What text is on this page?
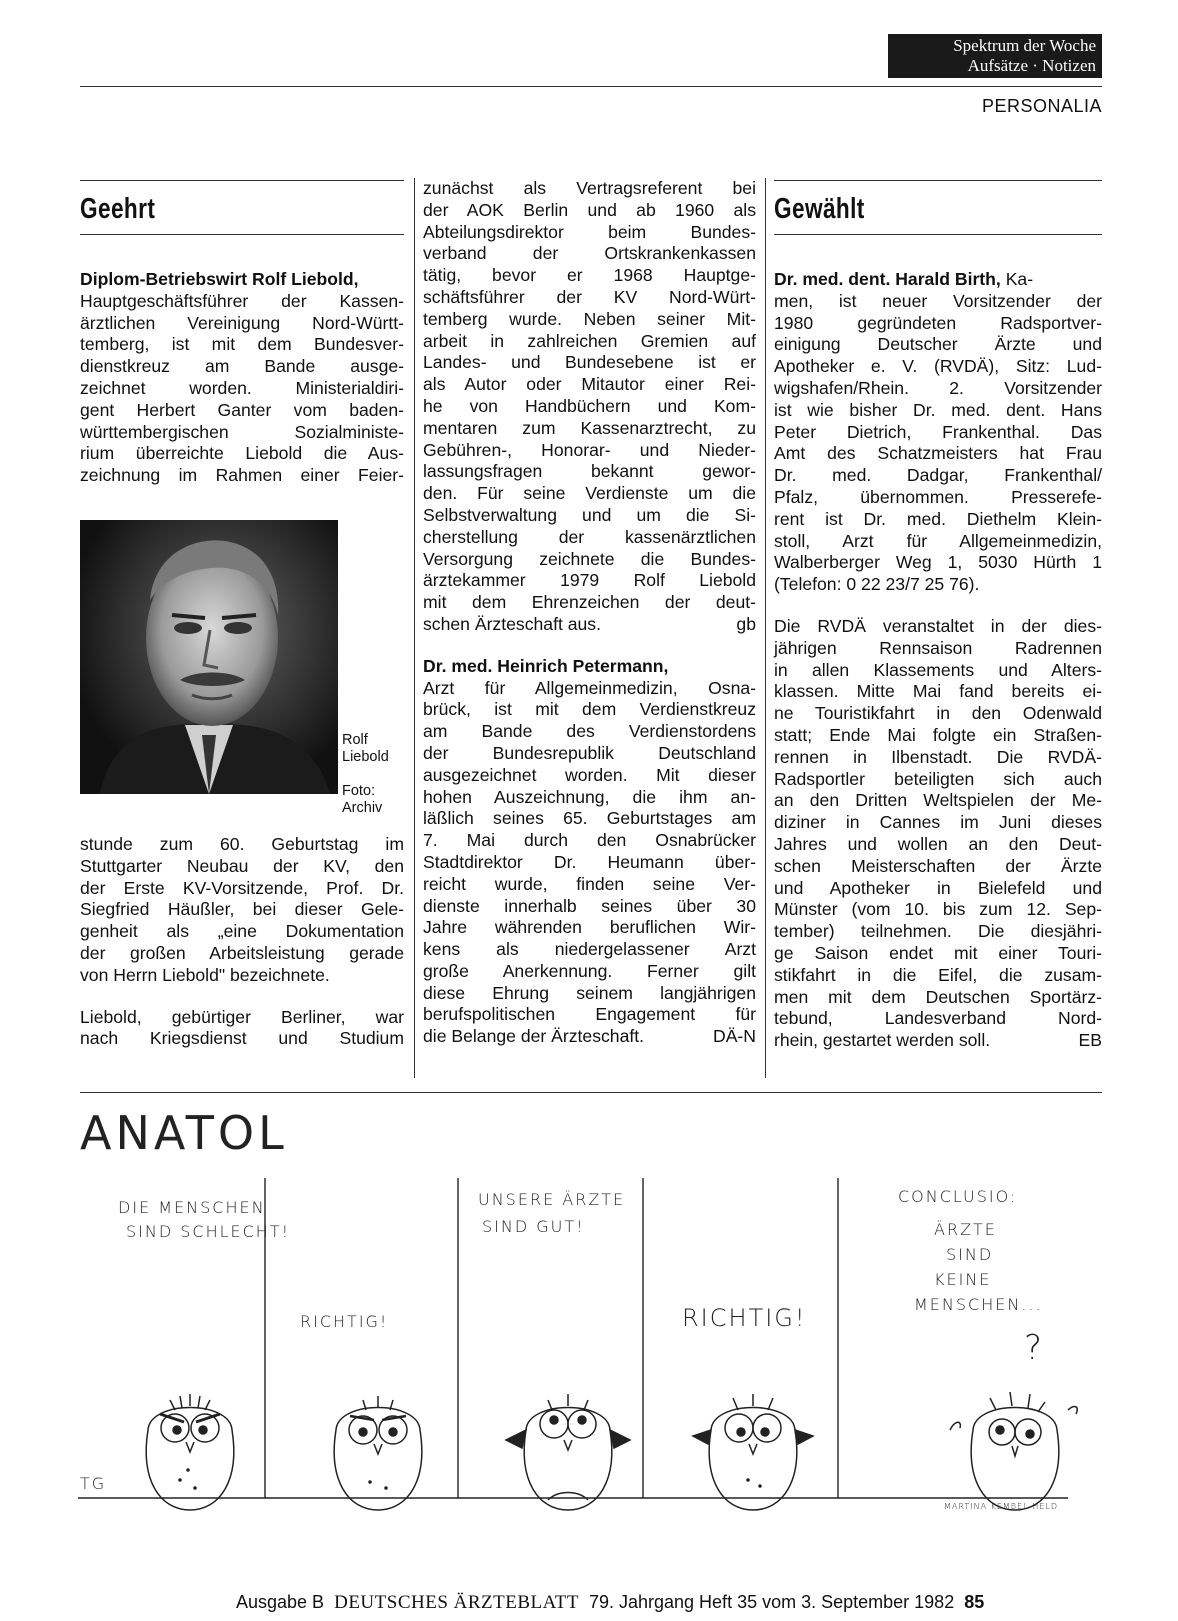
Spektrum der Woche
Aufsätze · Notizen
PERSONALIA
Geehrt

Diplom-Betriebswirt Rolf Liebold,

Hauptgeschäftsführer der Kassen-

ärztlichen Vereinigung Nord-Württ-

temberg, ist mit dem Bundesver-

dienstkreuz am Bande ausge-

zeichnet worden. Ministerialdiri-

gent Herbert Ganter vom baden-

württembergischen Sozialministe-

rium überreichte Liebold die Aus-

zeichnung im Rahmen einer Feier-

Rolf
Liebold
Foto:
Archiv

stunde zum 60. Geburtstag im

Stuttgarter Neubau der KV, den

der Erste KV-Vorsitzende, Prof. Dr.

Siegfried Häußler, bei dieser Gele-

genheit als „eine Dokumentation

der großen Arbeitsleistung gerade

von Herrn Liebold" bezeichnete.

Liebold, gebürtiger Berliner, war

nach Kriegsdienst und Studium

zunächst als Vertragsreferent bei

der AOK Berlin und ab 1960 als

Abteilungsdirektor beim Bundes-

verband der Ortskrankenkassen

tätig, bevor er 1968 Hauptge-

schäftsführer der KV Nord-Würt-

temberg wurde. Neben seiner Mit-

arbeit in zahlreichen Gremien auf

Landes- und Bundesebene ist er

als Autor oder Mitautor einer Rei-

he von Handbüchern und Kom-

mentaren zum Kassenarztrecht, zu

Gebühren-, Honorar- und Nieder-

lassungsfragen bekannt gewor-

den. Für seine Verdienste um die

Selbstverwaltung und um die Si-

cherstellung der kassenärztlichen

Versorgung zeichnete die Bundes-

ärztekammer 1979 Rolf Liebold

mit dem Ehrenzeichen der deut-

schen Ärzteschaft aus.	gb

Dr. med. Heinrich Petermann,

Arzt für Allgemeinmedizin, Osna-

brück, ist mit dem Verdienstkreuz

am Bande des Verdienstordens

der Bundesrepublik Deutschland

ausgezeichnet worden. Mit dieser

hohen Auszeichnung, die ihm an-

läßlich seines 65. Geburtstages am

7. Mai durch den Osnabrücker

Stadtdirektor Dr. Heumann über-

reicht wurde, finden seine Ver-

dienste innerhalb seines über 30

Jahre währenden beruflichen Wir-

kens als niedergelassener Arzt

große Anerkennung. Ferner gilt

diese Ehrung seinem langjährigen

berufspolitischen Engagement für

die Belange der Ärzteschaft.	DÄ-N

Gewählt

Dr. med. dent. Harald Birth, Ka-

men, ist neuer Vorsitzender der

1980 gegründeten Radsportver-

einigung Deutscher Ärzte und

Apotheker e. V. (RVDÄ), Sitz: Lud-

wigshafen/Rhein. 2. Vorsitzender

ist wie bisher Dr. med. dent. Hans

Peter Dietrich, Frankenthal. Das

Amt des Schatzmeisters hat Frau

Dr. med. Dadgar, Frankenthal/

Pfalz, übernommen. Presserefe-

rent ist Dr. med. Diethelm Klein-

stoll, Arzt für Allgemeinmedizin,

Walberberger Weg 1, 5030 Hürth 1

(Telefon: 0 22 23/7 25 76).

Die RVDÄ veranstaltet in der dies-

jährigen Rennsaison Radrennen

in allen Klassements und Alters-

klassen. Mitte Mai fand bereits ei-

ne Touristikfahrt in den Odenwald

statt; Ende Mai folgte ein Straßen-

rennen in Ilbenstadt. Die RVDÄ-

Radsportler beteiligten sich auch

an den Dritten Weltspielen der Me-

diziner in Cannes im Juni dieses

Jahres und wollen an den Deut-

schen Meisterschaften der Ärzte

und Apotheker in Bielefeld und

Münster (vom 10. bis zum 12. Sep-

tember) teilnehmen. Die diesjähri-

ge Saison endet mit einer Touri-

stikfahrt in die Eifel, die zusam-

men mit dem Deutschen Sportärz-

tebund, Landesverband Nord-

rhein, gestartet werden soll.	EB

ANATOL
DIE MENSCHEN
SIND SCHLECHT!
RICHTIG!
UNSERE ÄRZTE
SIND GUT!
RICHTIG!
CONCLUSIO:
ÄRZTE
SIND
KEINE
MENSCHEN...
?
TG
MARTINA KEMBEL-HELD
Ausgabe B DEUTSCHES ÄRZTEBLATT 79. Jahrgang Heft 35 vom 3. September 1982 85
